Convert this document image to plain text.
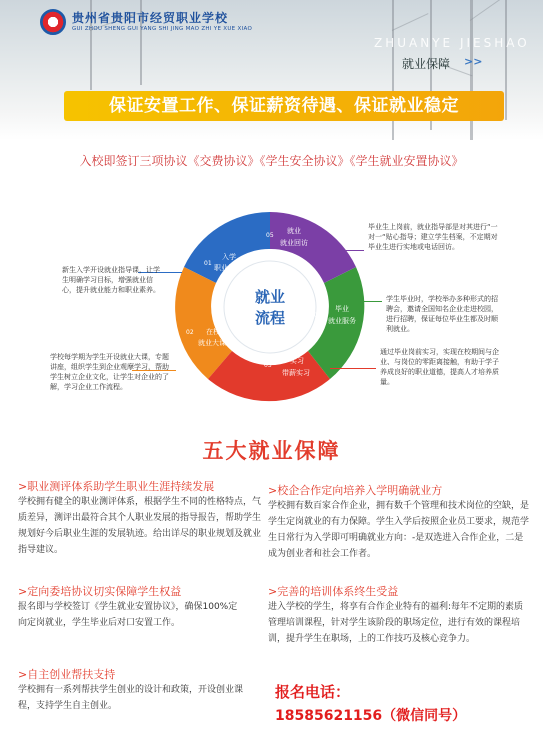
贵州省贵阳市经贸职业学校
GUI ZHOU SHENG GUI YANG SHI JING MAO ZHI YE XUE XIAO
ZHUANYE JIESHAO
就业保障 >>
保证安置工作、保证薪资待遇、保证就业稳定
入校即签订三项协议《交费协议》《学生安全协议》《学生就业安置协议》
就业
流程
01
入学
职业规划
02 在校
就业大课
03
实习
带薪实习
04
毕业
就业服务
05
就业
就业回访
新生入学开设就业指导课，让学生明确学习目标，增强就业信心，提升就业能力和职业素养。
学校每学期为学生开设就业大课，专题讲座，组织学生到企业观摩学习，帮助学生树立企业文化，让学生对企业的了解，学习企业工作流程。
毕业生上岗前，就业指导部是对其进行“一对一“贴心指导；建立学生档案，不定期对毕业生进行实地或电话回访。
学生毕业时，学校举办多种形式的招聘会，邀请全国知名企业走进校园，进行招聘，保证每位毕业生都及时顺利就业。
通过毕业岗前实习，实现在校期间与企业、与岗位的零距离接触，有助于学子养成良好的职业道德，提高人才培养质量。
五大就业保障
>职业测评体系助学生职业生涯持续发展
学校拥有健全的职业测评体系，根据学生不同的性格特点，气质差异，测评出最符合其个人职业发展的指导报告，帮助学生规划好今后职业生涯的发展轨迹。给出详尽的职业规划及就业指导建议。
>校企合作定向培养入学明确就业方
学校拥有数百家合作企业，拥有数千个管理和技术岗位的空缺，是学生定岗就业的有力保障。学生入学后按照企业员工要求，规范学生日常行为入学即可明确就业方向：-是双选进入合作企业，二是成为创业者和社会工作者。
>定向委培协议切实保障学生权益
报名即与学校签订《学生就业安置协议》，确保100%定向定岗就业，学生毕业后对口安置工作。
>完善的培训体系终生受益
进入学校的学生，将享有合作企业特有的福利:每年不定期的素质管理培训课程，针对学生该阶段的职场定位，进行有效的课程培训，提升学生在职场，上的工作技巧及核心竞争力。
>自主创业帮扶支持
学校拥有一系列帮扶学生创业的设计和政策，开设创业课程，支持学生自主创业。
报名电话：
18585621156（微信同号）
